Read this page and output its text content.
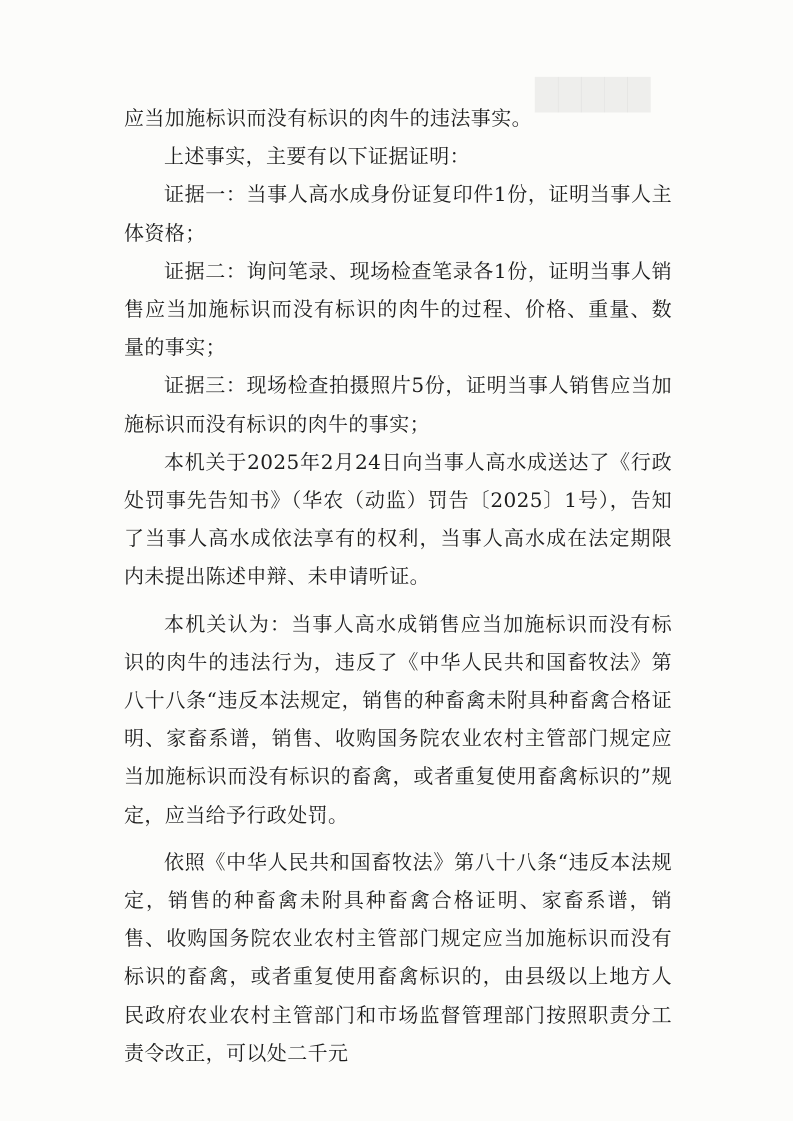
█████

应当加施标识而没有标识的肉牛的违法事实。

上述事实，主要有以下证据证明：

证据一：当事人高水成身份证复印件1份，证明当事人主体资格；

证据二：询问笔录、现场检查笔录各1份，证明当事人销售应当加施标识而没有标识的肉牛的过程、价格、重量、数量的事实；

证据三：现场检查拍摄照片5份，证明当事人销售应当加施标识而没有标识的肉牛的事实；

本机关于2025年2月24日向当事人高水成送达了《行政处罚事先告知书》（华农（动监）罚告〔2025〕1号），告知了当事人高水成依法享有的权利，当事人高水成在法定期限内未提出陈述申辩、未申请听证。

本机关认为：当事人高水成销售应当加施标识而没有标识的肉牛的违法行为，违反了《中华人民共和国畜牧法》第八十八条“违反本法规定，销售的种畜禽未附具种畜禽合格证明、家畜系谱，销售、收购国务院农业农村主管部门规定应当加施标识而没有标识的畜禽，或者重复使用畜禽标识的”规定，应当给予行政处罚。

依照《中华人民共和国畜牧法》第八十八条“违反本法规定，销售的种畜禽未附具种畜禽合格证明、家畜系谱，销售、收购国务院农业农村主管部门规定应当加施标识而没有标识的畜禽，或者重复使用畜禽标识的，由县级以上地方人民政府农业农村主管部门和市场监督管理部门按照职责分工责令改正，可以处二千元
